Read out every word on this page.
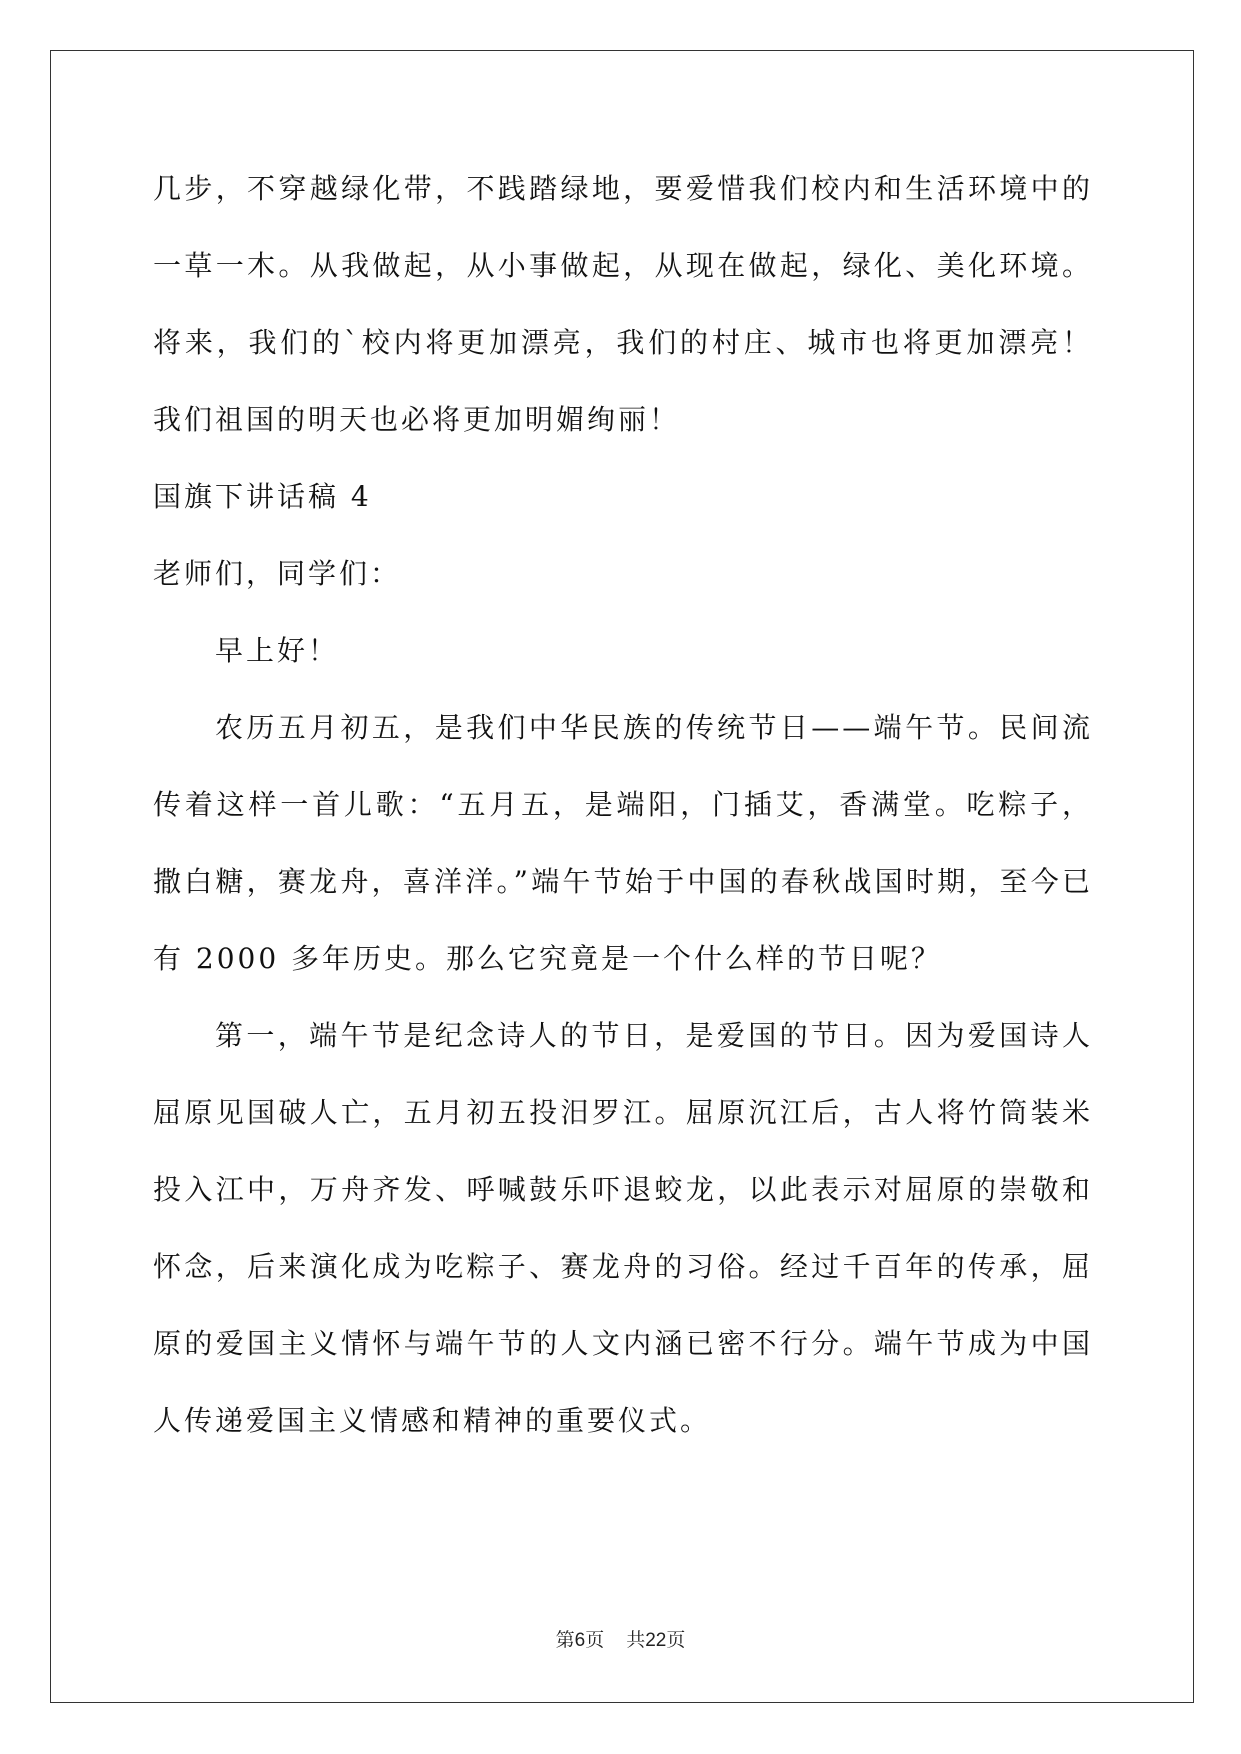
几步，不穿越绿化带，不践踏绿地，要爱惜我们校内和生活环境中的一草一木。从我做起，从小事做起，从现在做起，绿化、美化环境。将来，我们的`校内将更加漂亮，我们的村庄、城市也将更加漂亮！我们祖国的明天也必将更加明媚绚丽！

国旗下讲话稿 4

老师们，同学们：

早上好！

农历五月初五，是我们中华民族的传统节日——端午节。民间流传着这样一首儿歌：“五月五，是端阳，门插艾，香满堂。吃粽子，撒白糖，赛龙舟，喜洋洋。”端午节始于中国的春秋战国时期，至今已有 2000 多年历史。那么它究竟是一个什么样的节日呢？

第一，端午节是纪念诗人的节日，是爱国的节日。因为爱国诗人屈原见国破人亡，五月初五投汨罗江。屈原沉江后，古人将竹筒装米投入江中，万舟齐发、呼喊鼓乐吓退蛟龙，以此表示对屈原的崇敬和怀念，后来演化成为吃粽子、赛龙舟的习俗。经过千百年的传承，屈原的爱国主义情怀与端午节的人文内涵已密不行分。端午节成为中国人传递爱国主义情感和精神的重要仪式。

第6页 共22页
